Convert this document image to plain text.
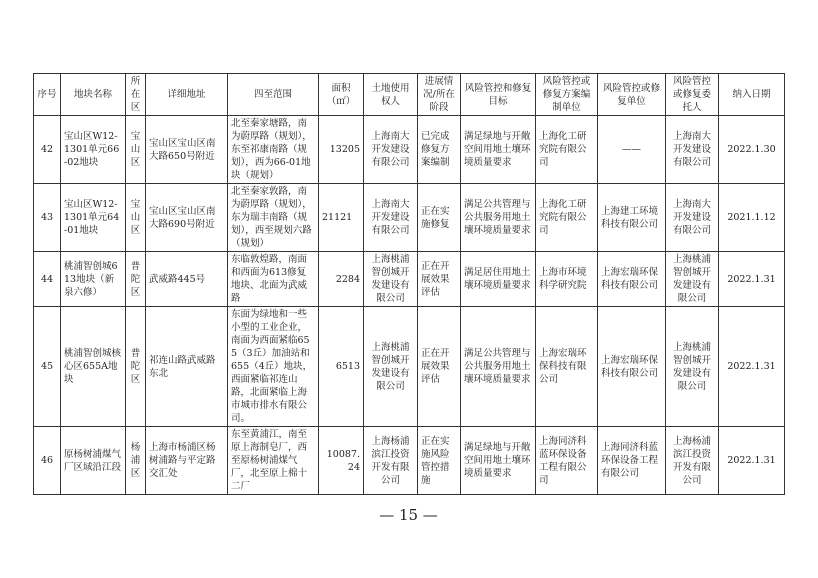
序号	地块名称	所在区	详细地址	四至范围	面积（㎡）	土地使用权人	进展情况/所在阶段	风险管控和修复目标	风险管控或修复方案编制单位	风险管控或修复单位	风险管控或修复委托人	纳入日期
42	宝山区W12-1301单元66-02地块	宝山区	宝山区宝山区南大路650号附近	北至秦家塘路，南为蔚厚路（规划），东至祁康南路（规划），西为66-01地块（规划）	13205	上海南大开发建设有限公司	已完成修复方案编制	满足绿地与开敞空间用地土壤环境质量要求	上海化工研究院有限公司	——	上海南大开发建设有限公司	2022.1.30
43	宝山区W12-1301单元64-01地块	宝山区	宝山区宝山区南大路690号附近	北至秦家敦路，南为蔚厚路（规划），东为瑞丰南路（规划），西至规划六路（规划）	21121	上海南大开发建设有限公司	正在实施修复	满足公共管理与公共服务用地土壤环境质量要求	上海化工研究院有限公司	上海建工环境科技有限公司	上海南大开发建设有限公司	2021.1.12
44	桃浦智创城613地块（新泉六修）	普陀区	武威路445号	东临敦煌路，南面和西面为613修复地块、北面为武威路	2284	上海桃浦智创城开发建设有限公司	正在开展效果评估	满足居住用地土壤环境质量要求	上海市环境科学研究院	上海宏瑞环保科技有限公司	上海桃浦智创城开发建设有限公司	2022.1.31
45	桃浦智创城核心区655A地块	普陀区	祁连山路武威路东北	东面为绿地和一些小型的工业企业，南面为西面紧临655（3丘）加油站和655（4丘）地块，西面紧临祁连山路，北面紧临上海市城市排水有限公司。	6513	上海桃浦智创城开发建设有限公司	正在开展效果评估	满足公共管理与公共服务用地土壤环境质量要求	上海宏瑞环保科技有限公司	上海宏瑞环保科技有限公司	上海桃浦智创城开发建设有限公司	2022.1.31
46	原杨树浦煤气厂区域沿江段	杨浦区	上海市杨浦区杨树浦路与平定路交汇处	东至黄浦江，南至原上海制皂厂，西至原杨树浦煤气厂，北至原上棉十二厂	10087.24	上海杨浦滨江投资开发有限公司	正在实施风险管控措施	满足绿地与开敞空间用地土壤环境质量要求	上海同济科蓝环保设备工程有限公司	上海同济科蓝环保设备工程有限公司	上海杨浦滨江投资开发有限公司	2022.1.31
— 15 —
